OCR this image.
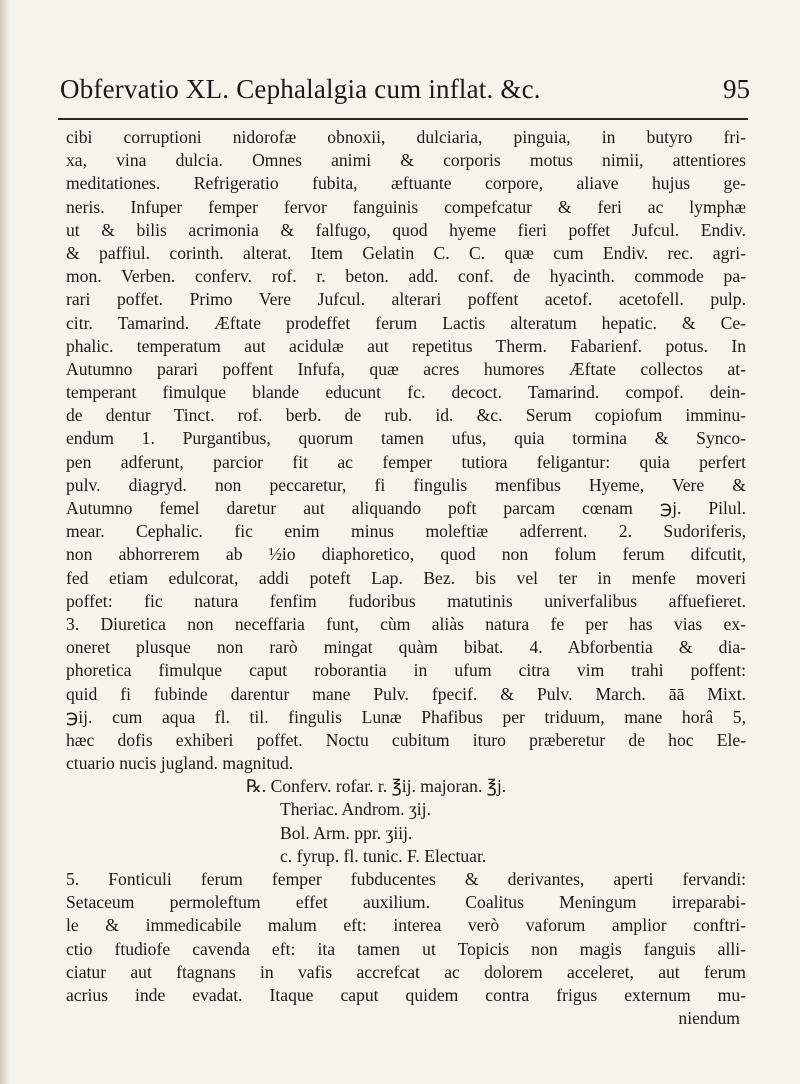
Obfervatio XL. Cephalalgia cum inflat. &c.	95
cibi corruptioni nidorofæ obnoxii, dulciaria, pinguia, in butyro fri-
xa, vina dulcia. Omnes animi & corporis motus nimii, attentiores
meditationes. Refrigeratio fubita, æftuante corpore, aliave hujus ge-
neris. Infuper femper fervor fanguinis compefcatur & feri ac lymphæ
ut & bilis acrimonia & falfugo, quod hyeme fieri poffet Jufcul. Endiv.
& paffiul. corinth. alterat. Item Gelatin C. C. quæ cum Endiv. rec. agri-
mon. Verben. conferv. rof. r. beton. add. conf. de hyacinth. commode pa-
rari poffet. Primo Vere Jufcul. alterari poffent acetof. acetofell. pulp.
citr. Tamarind. Æftate prodeffet ferum Lactis alteratum hepatic. & Ce-
phalic. temperatum aut acidulæ aut repetitus Therm. Fabarienf. potus. In
Autumno parari poffent Infufa, quæ acres humores Æftate collectos at-
temperant fimulque blande educunt fc. decoct. Tamarind. compof. dein-
de dentur Tinct. rof. berb. de rub. id. &c. Serum copiofum imminu-
endum 1. Purgantibus, quorum tamen ufus, quia tormina & Synco-
pen adferunt, parcior fit ac femper tutiora feligantur: quia perfert
pulv. diagryd. non peccaretur, fi fingulis menfibus Hyeme, Vere &
Autumno femel daretur aut aliquando poft parcam cœnam ℈j. Pilul.
mear. Cephalic. fic enim minus moleftiæ adferrent. 2. Sudoriferis,
non abhorrerem ab ½io diaphoretico, quod non folum ferum difcutit,
fed etiam edulcorat, addi poteft Lap. Bez. bis vel ter in menfe moveri
poffet: fic natura fenfim fudoribus matutinis univerfalibus affuefieret.
3. Diuretica non neceffaria funt, cùm aliàs natura fe per has vias ex-
oneret plusque non rarò mingat quàm bibat. 4. Abforbentia & dia-
phoretica fimulque caput roborantia in ufum citra vim trahi poffent:
quid fi fubinde darentur mane Pulv. fpecif. & Pulv. March. āā Mixt.
℈ij. cum aqua fl. til. fingulis Lunæ Phafibus per triduum, mane horâ 5,
hæc dofis exhiberi poffet. Noctu cubitum ituro præberetur de hoc Ele-
ctuario nucis jugland. magnitud.
℞. Conferv. rofar. r. ℥ij. majoran. ℥j.
Theriac. Androm. ʒij.
Bol. Arm. ppr. ʒiij.
c. fyrup. fl. tunic. F. Electuar.
5. Fonticuli ferum femper fubducentes & derivantes, aperti fervandi:
Setaceum permoleftum effet auxilium. Coalitus Meningum irreparabi-
le & immedicabile malum eft: interea verò vaforum amplior conftri-
ctio ftudiofe cavenda eft: ita tamen ut Topicis non magis fanguis alli-
ciatur aut ftagnans in vafis accrefcat ac dolorem acceleret, aut ferum
acrius inde evadat. Itaque caput quidem contra frigus externum mu-
niendum
